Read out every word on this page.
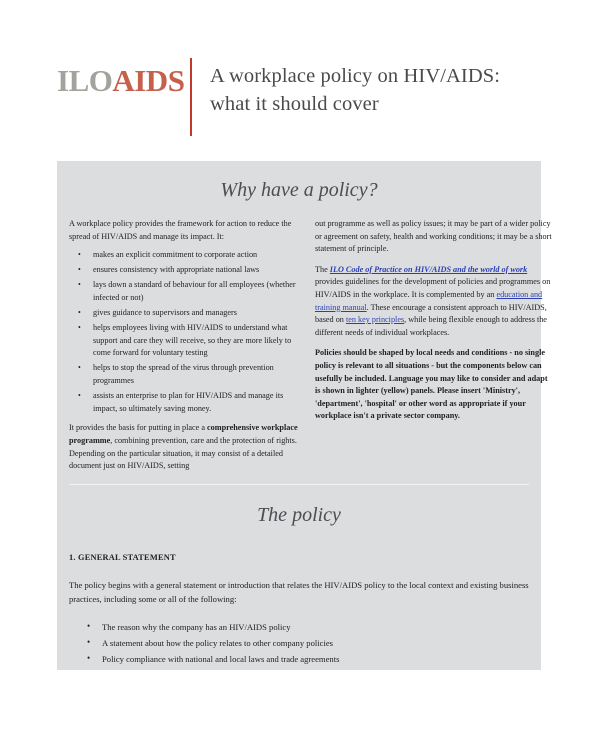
ILOAIDS A workplace policy on HIV/AIDS:
what it should cover
Why have a policy?

A workplace policy provides the framework for action to reduce the spread of HIV/AIDS and manage its impact. It:

• makes an explicit commitment to corporate action
• ensures consistency with appropriate national laws
• lays down a standard of behaviour for all employees (whether infected or not)
• gives guidance to supervisors and managers
• helps employees living with HIV/AIDS to understand what support and care they will receive, so they are more likely to come forward for voluntary testing
• helps to stop the spread of the virus through prevention programmes
• assists an enterprise to plan for HIV/AIDS and manage its impact, so ultimately saving money.

It provides the basis for putting in place a comprehensive workplace programme, combining prevention, care and the protection of rights. Depending on the particular situation, it may consist of a detailed document just on HIV/AIDS, setting

out programme as well as policy issues; it may be part of a wider policy or agreement on safety, health and working conditions; it may be a short statement of principle.

The ILO Code of Practice on HIV/AIDS and the world of work provides guidelines for the development of policies and programmes on HIV/AIDS in the workplace. It is complemented by an education and training manual. These encourage a consistent approach to HIV/AIDS, based on ten key principles, while being flexible enough to address the different needs of individual workplaces.

Policies should be shaped by local needs and conditions - no single policy is relevant to all situations - but the components below can usefully be included. Language you may like to consider and adapt is shown in lighter (yellow) panels. Please insert 'Ministry', 'department', 'hospital' or other word as appropriate if your workplace isn't a private sector company.

The policy
1. GENERAL STATEMENT

The policy begins with a general statement or introduction that relates the HIV/AIDS policy to the local context and existing business practices, including some or all of the following:

• The reason why the company has an HIV/AIDS policy
• A statement about how the policy relates to other company policies
• Policy compliance with national and local laws and trade agreements
